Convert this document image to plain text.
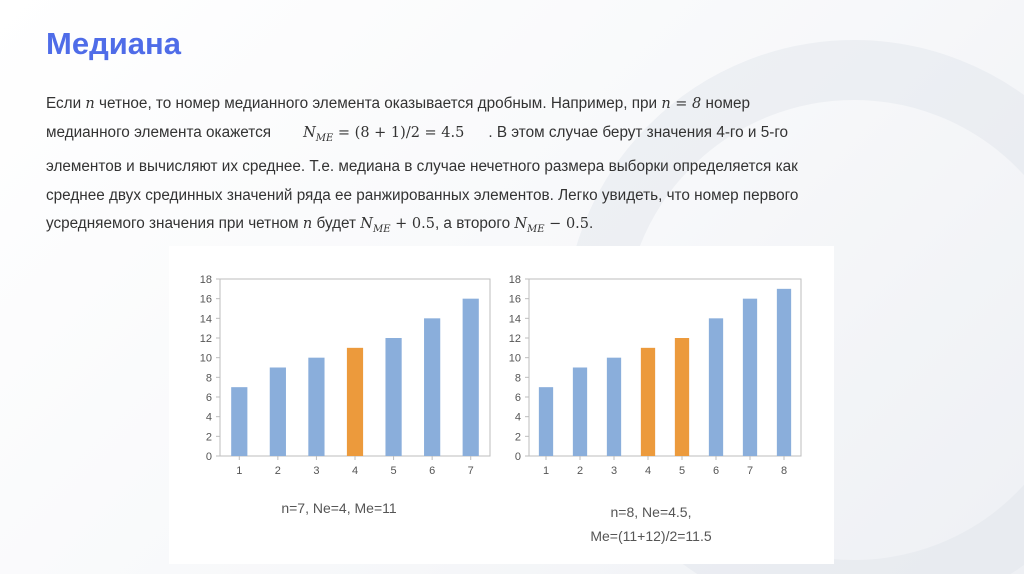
Медиана
Если n четное, то номер медианного элемента оказывается дробным. Например, при n = 8 номер
медианного элемента окажется $N_{ME} = (8 + 1)/2 = 4.5$ . В этом случае берут значения 4-го и 5-го
элементов и вычисляют их среднее. Т.е. медиана в случае нечетного размера выборки определяется как
среднее двух срединных значений ряда ее ранжированных элементов. Легко увидеть, что номер первого
усредняемого значения при четном n будет $N_{ME} + 0.5$, а второго $N_{ME} - 0.5$.
0
2
4
6
8
10
12
14
16
18
1	2	3	4	5	6	7
0
2
4
6
8
10
12
14
16
18
1	2	3	4	5	6	7	8
n=7, Ne=4, Me=11	n=8, Ne=4.5,
Me=(11+12)/2=11.5
